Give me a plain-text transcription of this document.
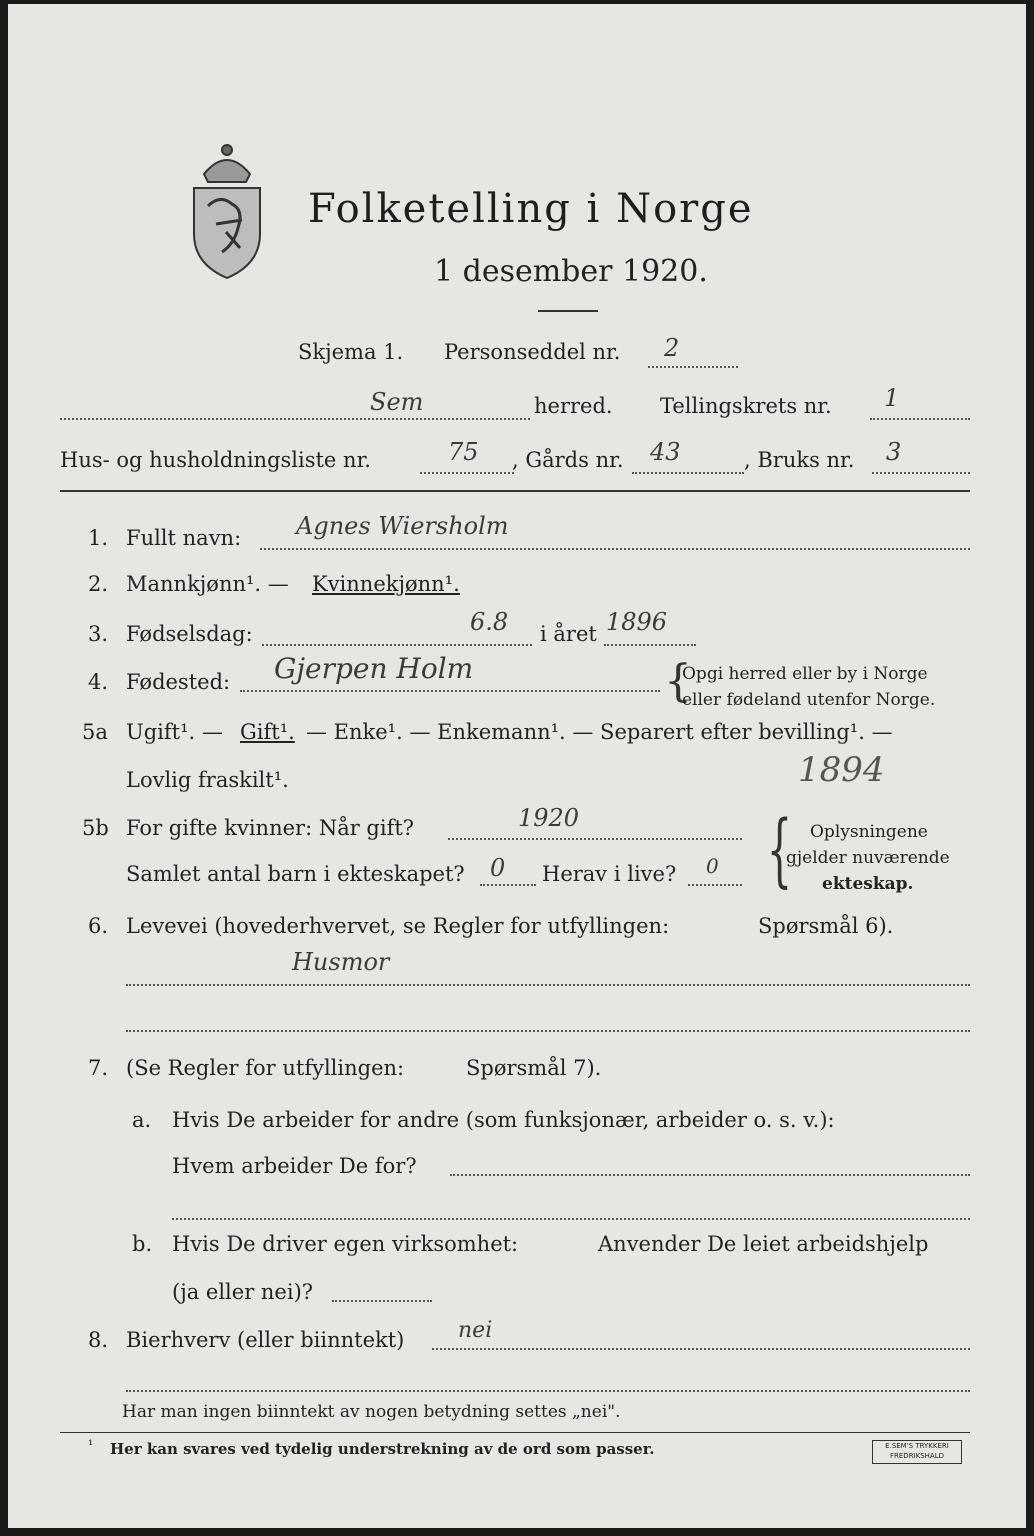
Folketelling i Norge
1 desember 1920.
Skjema 1. Personseddel nr. 2
Sem	herred. Tellingskrets nr. 1
Hus- og husholdningsliste nr.	75 , Gårds nr. 43	, Bruks nr. 3
1. Fullt navn: Agnes Wiersholm
2. Mannkjønn¹. — Kvinnekjønn¹.
3. Fødselsdag:	6.8 i året 1896
4. Fødested: Gjerpen Holm	{
Opgi herred eller by i Norge
eller fødeland utenfor Norge.
5a Ugift¹. — Gift¹. — Enke¹. — Enkemann¹. — Separert efter bevilling¹. —
Lovlig fraskilt¹.	1894
5b For gifte kvinner: Når gift?	1920
Samlet antal barn i ekteskapet? 0 Herav i live? 0 { Oplysningene
gjelder nuværende
ekteskap.
6. Levevei (hovederhvervet, se Regler for utfyllingen:	Spørsmål 6).
Husmor
7. (Se Regler for utfyllingen:	Spørsmål 7).
a. Hvis De arbeider for andre (som funksjonær, arbeider o. s. v.):
Hvem arbeider De for?
b. Hvis De driver egen virksomhet:	Anvender De leiet arbeidshjelp
(ja eller nei)?
8. Bierhverv (eller biinntekt) nei
Har man ingen biinntekt av nogen betydning settes „nei".
¹ Her kan svares ved tydelig understrekning av de ord som passer.	E.SEM'S TRYKKERI FREDRIKSHALD
